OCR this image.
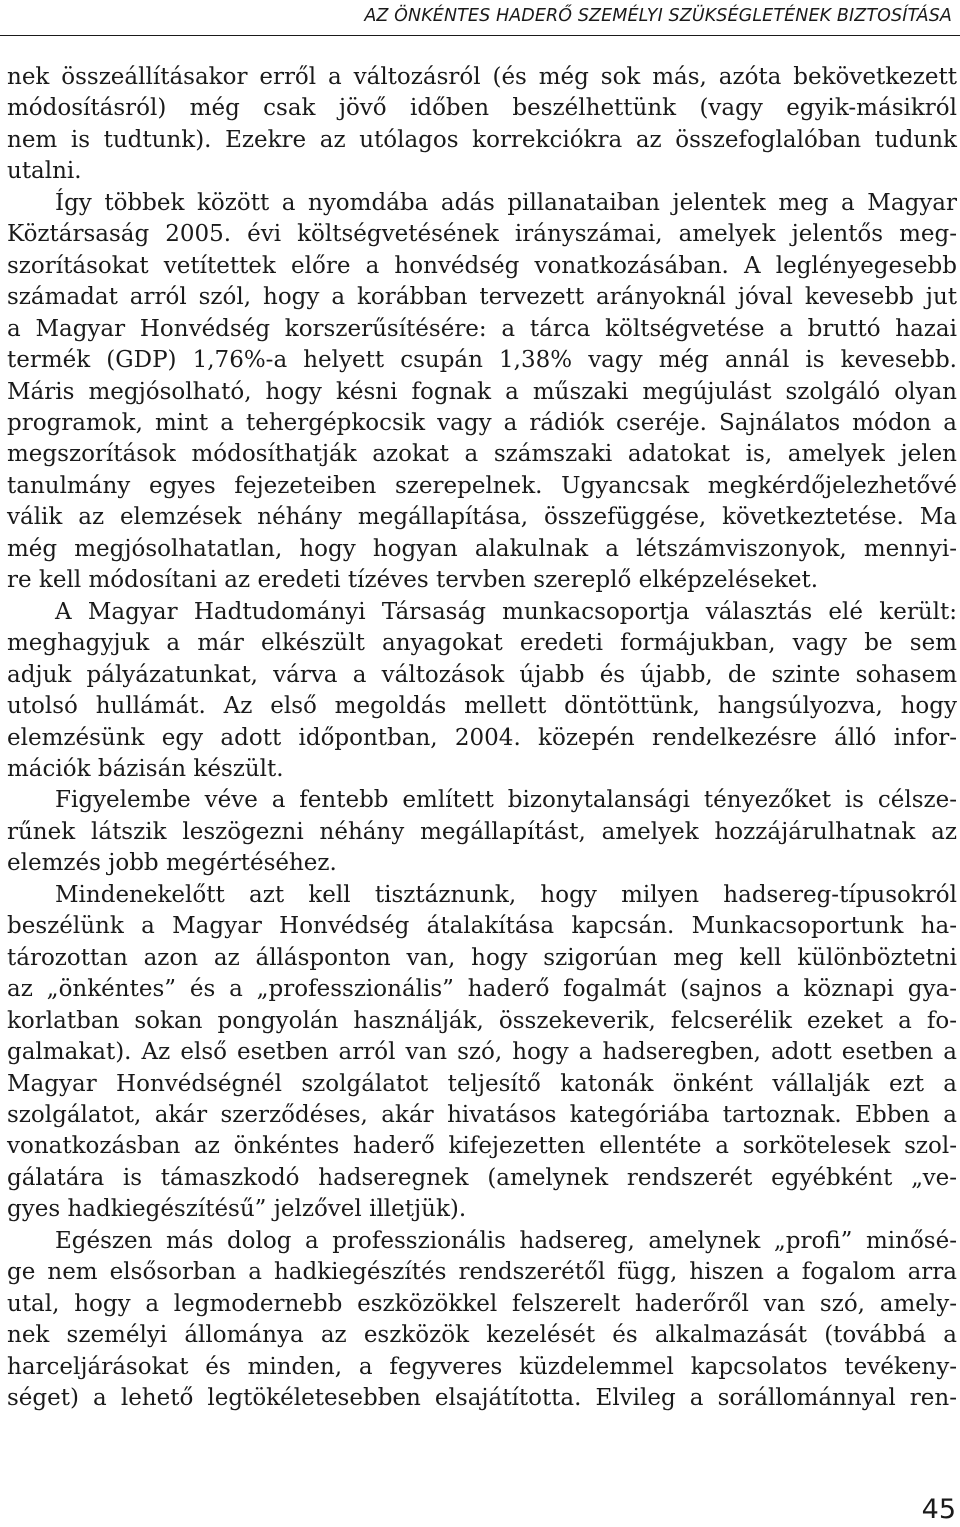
AZ ÖNKÉNTES HADERŐ SZEMÉLYI SZÜKSÉGLETÉNEK BIZTOSÍTÁSA
nek összeállításakor erről a változásról (és még sok más, azóta bekövetkezett
módosításról) még csak jövő időben beszélhettünk (vagy egyik-másikról
nem is tudtunk). Ezekre az utólagos korrekciókra az összefoglalóban tudunk
utalni.
Így többek között a nyomdába adás pillanataiban jelentek meg a Magyar
Köztársaság 2005. évi költségvetésének irányszámai, amelyek jelentős meg-
szorításokat vetítettek előre a honvédség vonatkozásában. A leglényegesebb
számadat arról szól, hogy a korábban tervezett arányoknál jóval kevesebb jut
a Magyar Honvédség korszerűsítésére: a tárca költségvetése a bruttó hazai
termék (GDP) 1,76%-a helyett csupán 1,38% vagy még annál is kevesebb.
Máris megjósolható, hogy késni fognak a műszaki megújulást szolgáló olyan
programok, mint a tehergépkocsik vagy a rádiók cseréje. Sajnálatos módon a
megszorítások módosíthatják azokat a számszaki adatokat is, amelyek jelen
tanulmány egyes fejezeteiben szerepelnek. Ugyancsak megkérdőjelezhetővé
válik az elemzések néhány megállapítása, összefüggése, következtetése. Ma
még megjósolhatatlan, hogy hogyan alakulnak a létszámviszonyok, mennyi-
re kell módosítani az eredeti tízéves tervben szereplő elképzeléseket.
A Magyar Hadtudományi Társaság munkacsoportja választás elé került:
meghagyjuk a már elkészült anyagokat eredeti formájukban, vagy be sem
adjuk pályázatunkat, várva a változások újabb és újabb, de szinte sohasem
utolsó hullámát. Az első megoldás mellett döntöttünk, hangsúlyozva, hogy
elemzésünk egy adott időpontban, 2004. közepén rendelkezésre álló infor-
mációk bázisán készült.
Figyelembe véve a fentebb említett bizonytalansági tényezőket is célsze-
rűnek látszik leszögezni néhány megállapítást, amelyek hozzájárulhatnak az
elemzés jobb megértéséhez.
Mindenekelőtt azt kell tisztáznunk, hogy milyen hadsereg-típusokról
beszélünk a Magyar Honvédség átalakítása kapcsán. Munkacsoportunk ha-
tározottan azon az állásponton van, hogy szigorúan meg kell különböztetni
az „önkéntes” és a „professzionális” haderő fogalmát (sajnos a köznapi gya-
korlatban sokan pongyolán használják, összekeverik, felcserélik ezeket a fo-
galmakat). Az első esetben arról van szó, hogy a hadseregben, adott esetben a
Magyar Honvédségnél szolgálatot teljesítő katonák önként vállalják ezt a
szolgálatot, akár szerződéses, akár hivatásos kategóriába tartoznak. Ebben a
vonatkozásban az önkéntes haderő kifejezetten ellentéte a sorkötelesek szol-
gálatára is támaszkodó hadseregnek (amelynek rendszerét egyébként „ve-
gyes hadkiegészítésű” jelzővel illetjük).
Egészen más dolog a professzionális hadsereg, amelynek „profi” minősé-
ge nem elsősorban a hadkiegészítés rendszerétől függ, hiszen a fogalom arra
utal, hogy a legmodernebb eszközökkel felszerelt haderőről van szó, amely-
nek személyi állománya az eszközök kezelését és alkalmazását (továbbá a
harceljárásokat és minden, a fegyveres küzdelemmel kapcsolatos tevékeny-
séget) a lehető legtökéletesebben elsajátította. Elvileg a sorállománnyal ren-
45
